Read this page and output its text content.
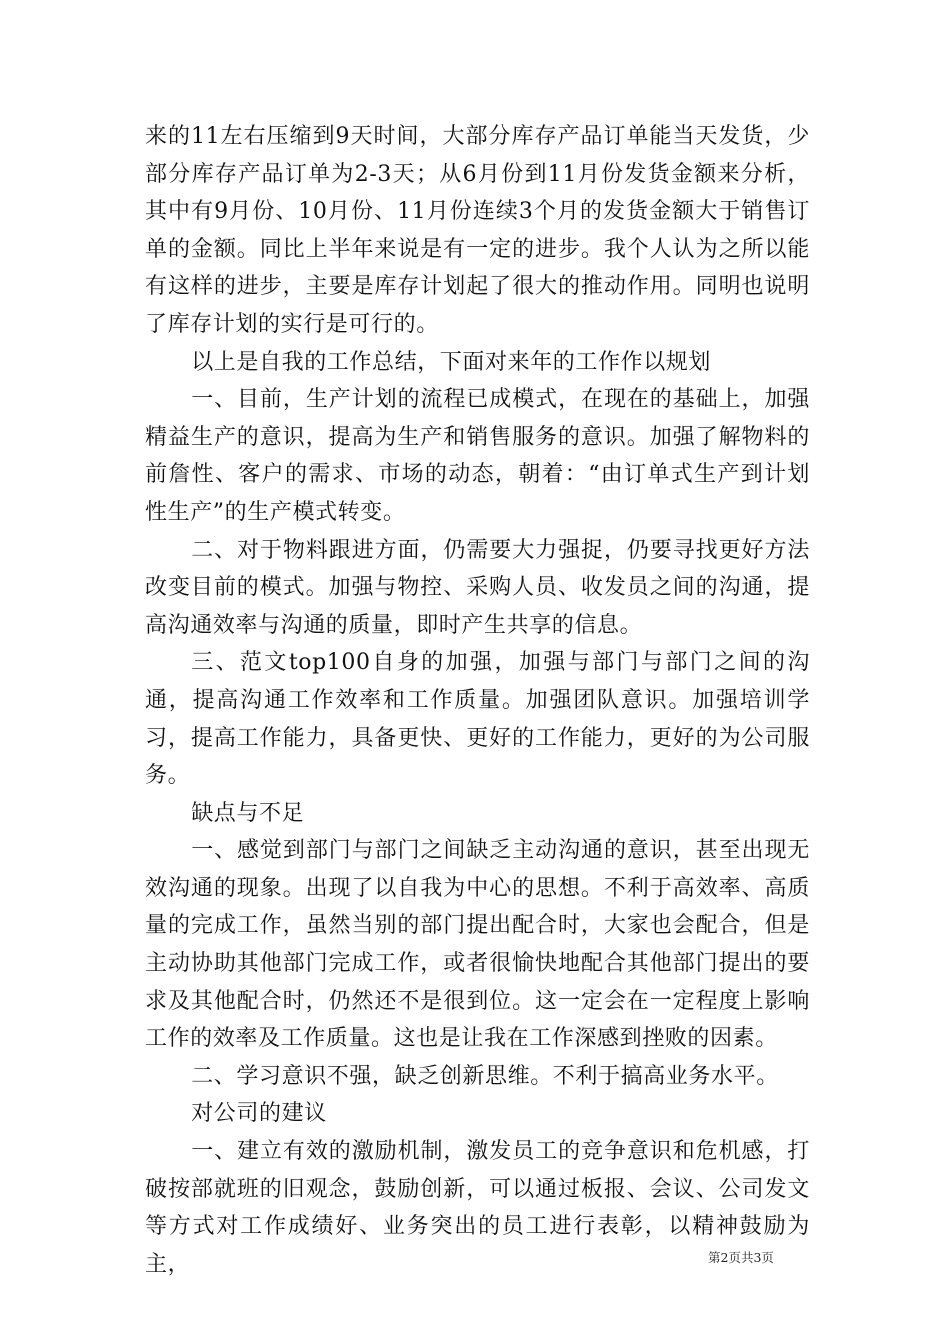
来的11左右压缩到9天时间，大部分库存产品订单能当天发货，少部分库存产品订单为2-3天；从6月份到11月份发货金额来分析，其中有9月份、10月份、11月份连续3个月的发货金额大于销售订单的金额。同比上半年来说是有一定的进步。我个人认为之所以能有这样的进步，主要是库存计划起了很大的推动作用。同明也说明了库存计划的实行是可行的。

以上是自我的工作总结，下面对来年的工作作以规划

一、目前，生产计划的流程已成模式，在现在的基础上，加强精益生产的意识，提高为生产和销售服务的意识。加强了解物料的前詹性、客户的需求、市场的动态，朝着：“由订单式生产到计划性生产”的生产模式转变。

二、对于物料跟进方面，仍需要大力强捉，仍要寻找更好方法改变目前的模式。加强与物控、采购人员、收发员之间的沟通，提高沟通效率与沟通的质量，即时产生共享的信息。

三、范文top100自身的加强，加强与部门与部门之间的沟通，提高沟通工作效率和工作质量。加强团队意识。加强培训学习，提高工作能力，具备更快、更好的工作能力，更好的为公司服务。

缺点与不足

一、感觉到部门与部门之间缺乏主动沟通的意识，甚至出现无效沟通的现象。出现了以自我为中心的思想。不利于高效率、高质量的完成工作，虽然当别的部门提出配合时，大家也会配合，但是主动协助其他部门完成工作，或者很愉快地配合其他部门提出的要求及其他配合时，仍然还不是很到位。这一定会在一定程度上影响工作的效率及工作质量。这也是让我在工作深感到挫败的因素。

二、学习意识不强，缺乏创新思维。不利于搞高业务水平。

对公司的建议

一、建立有效的激励机制，激发员工的竞争意识和危机感，打破按部就班的旧观念，鼓励创新，可以通过板报、会议、公司发文等方式对工作成绩好、业务突出的员工进行表彰，以精神鼓励为主，	第2页共3页
